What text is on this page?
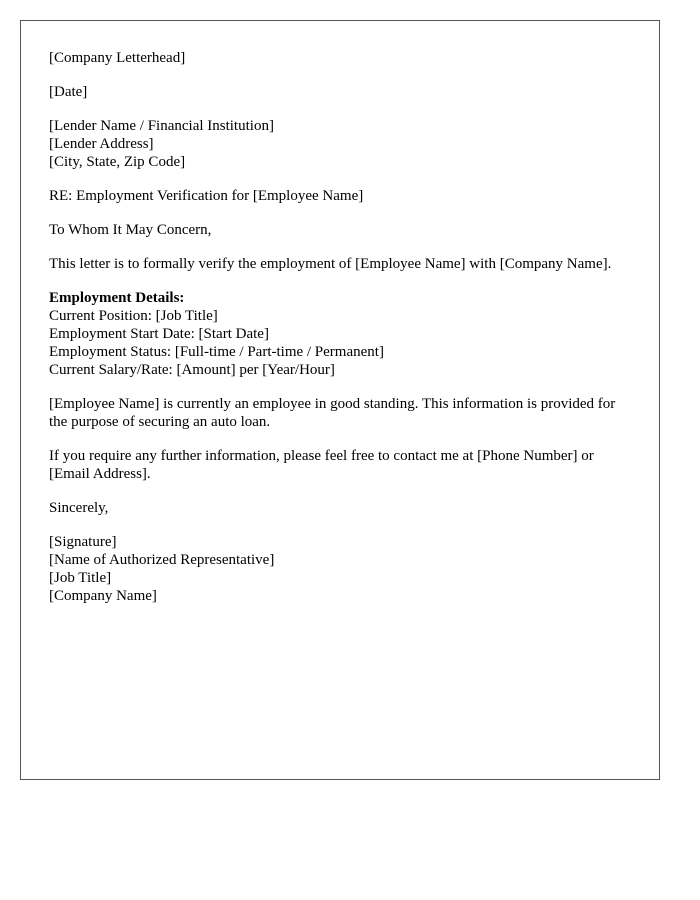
[Company Letterhead]
[Date]
[Lender Name / Financial Institution]
[Lender Address]
[City, State, Zip Code]
RE: Employment Verification for [Employee Name]
To Whom It May Concern,
This letter is to formally verify the employment of [Employee Name] with [Company Name].
Employment Details:
Current Position: [Job Title]
Employment Start Date: [Start Date]
Employment Status: [Full-time / Part-time / Permanent]
Current Salary/Rate: [Amount] per [Year/Hour]
[Employee Name] is currently an employee in good standing. This information is provided for the purpose of securing an auto loan.
If you require any further information, please feel free to contact me at [Phone Number] or [Email Address].
Sincerely,
[Signature]
[Name of Authorized Representative]
[Job Title]
[Company Name]
